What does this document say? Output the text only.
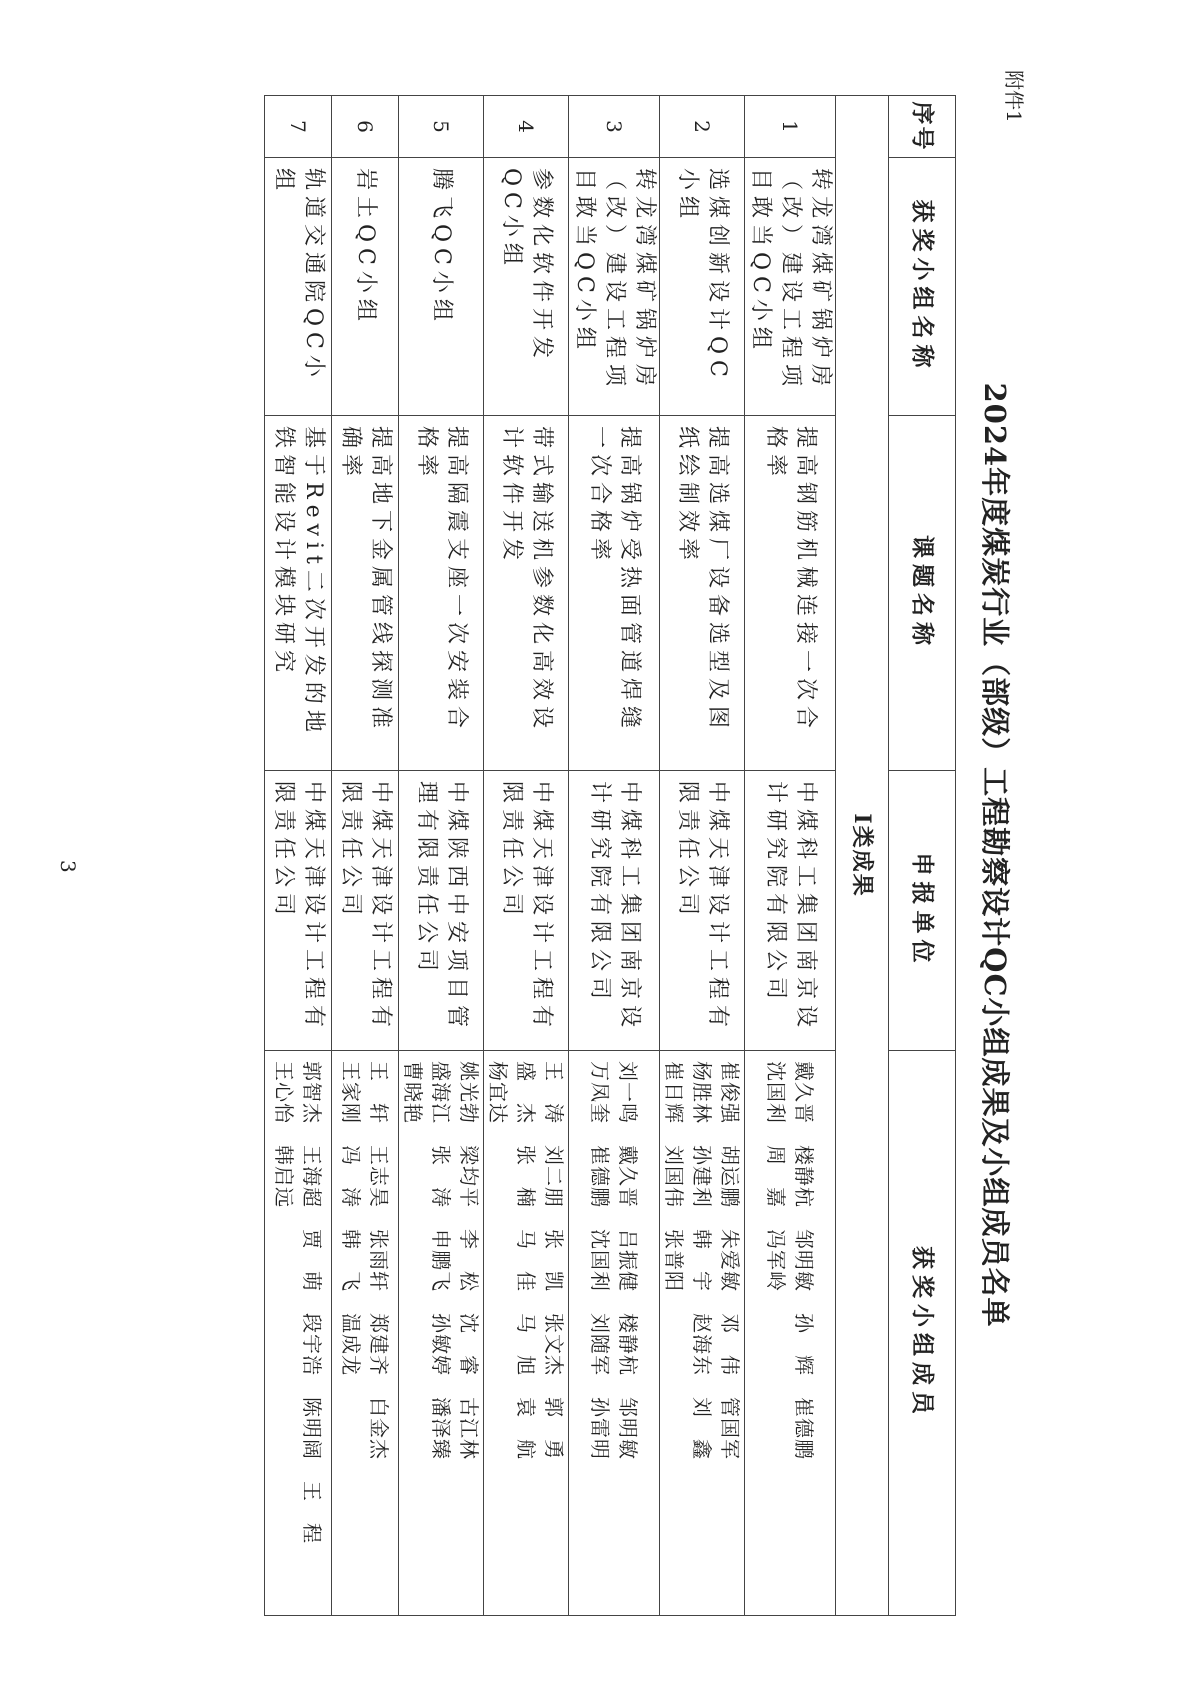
附件1
3	2024年度煤炭行业（部级）工程勘察设计QC小组成果及小组成员名单
序号	获奖小组名称	课题名称	申报单位	获奖小组成员
I类成果				
1	转龙湾煤矿锅炉房（改）建设工程项目敢当QC小组	提高钢筋机械连接一次合格率	中煤科工集团南京设计研究院有限公司	戴久晋　楼静杭　邹明敏　孙　辉　崔德鹏
沈国利　周　嘉　冯军岭
2	选煤创新设计QC小组	提高选煤厂设备选型及图纸绘制效率	中煤天津设计工程有限责任公司	崔俊强　胡运鹏　朱爱敏　邓　伟　管国军
杨胜林　孙建利　韩　宇　赵海东　刘　鑫
崔日辉　刘国伟　张普阳
3	转龙湾煤矿锅炉房（改）建设工程项目敢当QC小组	提高锅炉受热面管道焊缝一次合格率	中煤科工集团南京设计研究院有限公司	刘一鸣　戴久晋　吕振健　楼静杭　邹明敏
万凤奎　崔德鹏　沈国利　刘随军　孙雷明
4	参数化软件开发QC小组	带式输送机参数化高效设计软件开发	中煤天津设计工程有限责任公司	王　涛　刘二朋　张　凯　张文杰　郭　勇
盛　杰　张　楠　马　佳　马　旭　袁　航
杨宜达
5	腾飞QC小组	提高隔震支座一次安装合格率	中煤陕西中安项目管理有限责任公司	姚光勃　梁均平　李　松　沈　睿　古江林
盛海江　张　涛　申鹏飞　孙敏婷　潘泽臻
曹晓艳
6	岩土QC小组	提高地下金属管线探测准确率	中煤天津设计工程有限责任公司	王　轩　王志昊　张雨轩　郑建齐　白金杰
王家刚　冯　涛　韩　飞　温成龙
7	轨道交通院QC小组	基于Revit二次开发的地铁智能设计模块研究	中煤天津设计工程有限责任公司	郭智杰　王海超　贾　萌　段宇浩　陈明阔　王　程
王心怡　韩启远
